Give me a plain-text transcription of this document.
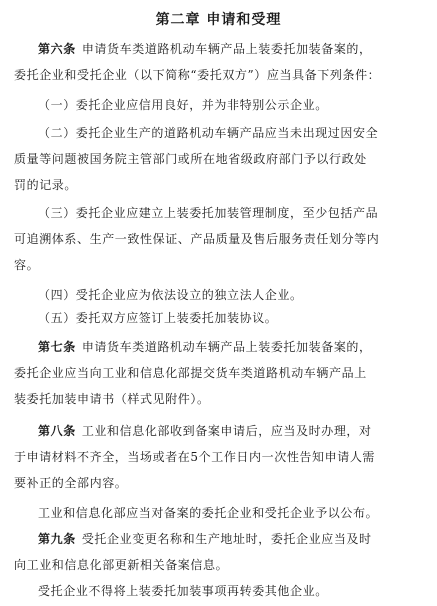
第二章 申请和受理
第六条 申请货车类道路机动车辆产品上装委托加装备案的，
委托企业和受托企业（以下简称“委托双方”）应当具备下列条件：
（一）委托企业应信用良好，并为非特别公示企业。
（二）委托企业生产的道路机动车辆产品应当未出现过因安全
质量等问题被国务院主管部门或所在地省级政府部门予以行政处
罚的记录。
（三）委托企业应建立上装委托加装管理制度，至少包括产品
可追溯体系、生产一致性保证、产品质量及售后服务责任划分等内
容。
（四）受托企业应为依法设立的独立法人企业。
（五）委托双方应签订上装委托加装协议。
第七条 申请货车类道路机动车辆产品上装委托加装备案的，
委托企业应当向工业和信息化部提交货车类道路机动车辆产品上
装委托加装申请书（样式见附件）。
第八条 工业和信息化部收到备案申请后，应当及时办理，对
于申请材料不齐全，当场或者在5个工作日内一次性告知申请人需
要补正的全部内容。
工业和信息化部应当对备案的委托企业和受托企业予以公布。
第九条 受托企业变更名称和生产地址时，委托企业应当及时
向工业和信息化部更新相关备案信息。
受托企业不得将上装委托加装事项再转委其他企业。
